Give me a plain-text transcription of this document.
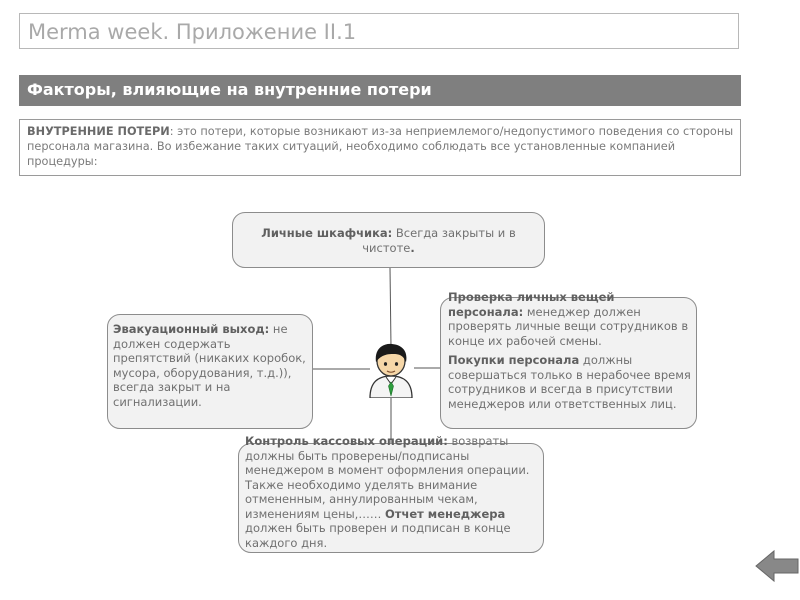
Merma week. Приложение II.1
Факторы, влияющие на внутренние потери
ВНУТРЕННИЕ ПОТЕРИ: это потери, которые возникают из-за неприемлемого/недопустимого поведения со стороны персонала магазина. Во избежание таких ситуаций, необходимо соблюдать все установленные компанией процедуры:
Личные шкафчика: Всегда закрыты и в чистоте.
Эвакуационный выход: не должен содержать препятствий (никаких коробок, мусора, оборудования, т.д.)), всегда закрыт и на сигнализации.

Проверка личных вещей персонала: менеджер должен проверять личные вещи сотрудников в конце их рабочей смены.

Покупки персонала должны совершаться только в нерабочее время сотрудников и всегда в присутствии менеджеров или ответственных лиц.

Контроль кассовых операций: возвраты должны быть проверены/подписаны менеджером в момент оформления операции. Также необходимо уделять внимание отмененным, аннулированным чекам, изменениям цены,…… Отчет менеджера должен быть проверен и подписан в конце каждого дня.
